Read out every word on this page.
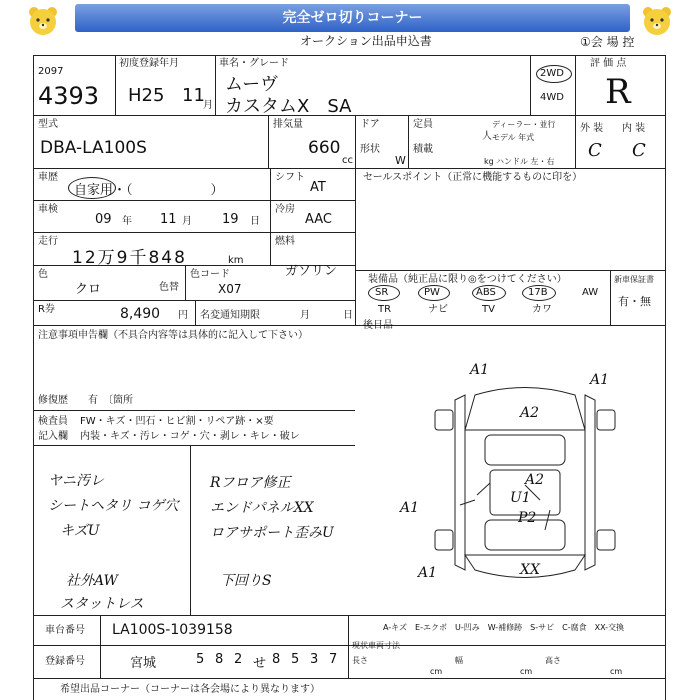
完全ゼロ切りコーナー
オークション出品申込書	①会 場 控
2097
4393
初度登録年月
H25 11
月
車名・グレード
ムーヴ
カスタムX　SA
2WD
4WD
評 価 点
R
型式
DBA-LA100S
排気量
660
cc
ドア	定員
人
ディーラー・並行
モデル 年式
形状
W
積載
kg ハンドル 左・右
外 装 内 装
C C
車歴
自家用・（　　　　　　）
シフト
AT
セールスポイント（正常に機能するものに印を）
車検
09 年 11 月 19 日
冷房
AAC
走行
12万9千848	km
燃料
ガソリン
色
クロ	色替
色コード
X07
R券	8,490 円 名変通知期限	月	日
装備品（純正品に限り◎をつけてください）	新車保証書
SR	PW	ABS	17B	AW
TR	ナビ	TV	カワ
有・無
後日品
注意事項申告欄（不具合内容等は具体的に記入して下さい）
修復歴　　有　〔箇所
検査員 FW・キズ・凹石・ヒビ割・リペア跡・×要
記入欄 内装・キズ・汚レ・コゲ・穴・剥レ・キレ・破レ
ヤニ汚レ
シートヘタリ コゲ穴
キズU
Rフロア修正
エンドパネルXX
ロアサポート歪みU
下回りS
社外AW
スタットレス
A2
A1
A1
A2
U1
P2
XX
A1
A1
A-キズ　E-エクボ　U-凹み　W-補修跡　S-サビ　C-腐食　XX-交換
車台番号 LA100S-1039158
登録番号	宮城	5 8 2 せ 8 5 3 7
現状車両寸法
長さ	幅	高さ
cm	cm	cm
希望出品コーナー（コーナーは各会場により異なります）
